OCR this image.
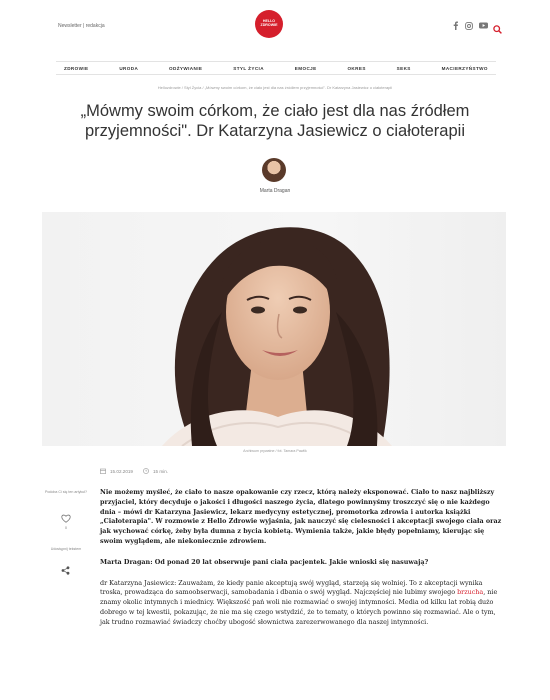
Newsletter | redakcja
HELLO ZDROWIE
ZDROWIE	URODA	ODŻYWIANIE	STYL ŻYCIA	EMOCJE	OKRES	SEKS	MACIERZYŃSTWO
Hellozdrowie / Styl Życia / „Mówmy swoim córkom, że ciało jest dla nas źródłem przyjemności". Dr Katarzyna Jasiewicz o ciałoterapii
„Mówmy swoim córkom, że ciało jest dla nas źródłem przyjemności". Dr Katarzyna Jasiewicz o ciałoterapii
Marta Dragan
Archiwum prywatne / fot. Tamara Pawlik
15.02.2019	15 min.
Podoba Ci się ten artykuł?
0
Udostępnij tekstem

Nie możemy myśleć, że ciało to nasze opakowanie czy rzecz, którą należy eksponować. Ciało to nasz najbliższy przyjaciel, który decyduje o jakości i długości naszego życia, dlatego powinnyśmy troszczyć się o nie każdego dnia – mówi dr Katarzyna Jasiewicz, lekarz medycyny estetycznej, promotorka zdrowia i autorka książki „Ciałoterapia". W rozmowie z Hello Zdrowie wyjaśnia, jak nauczyć się cielesności i akceptacji swojego ciała oraz jak wychować córkę, żeby była dumna z bycia kobietą. Wymienia także, jakie błędy popełniamy, kierując się swoim wyglądem, ale niekoniecznie zdrowiem.

Marta Dragan: Od ponad 20 lat obserwuje pani ciała pacjentek. Jakie wnioski się nasuwają?

dr Katarzyna Jasiewicz: Zauważam, że kiedy panie akceptują swój wygląd, starzeją się wolniej. To z akceptacji wynika troska, prowadząca do samoobserwacji, samobadania i dbania o swój wygląd. Najczęściej nie lubimy swojego brzucha, nie znamy okolic intymnych i miednicy. Większość pań woli nie rozmawiać o swojej intymności. Media od kilku lat robią dużo dobrego w tej kwestii, pokazując, że nie ma się czego wstydzić, że to tematy, o których powinno się rozmawiać. Ale o tym, jak trudno rozmawiać świadczy choćby ubogość słownictwa zarezerwowanego dla naszej intymności.
